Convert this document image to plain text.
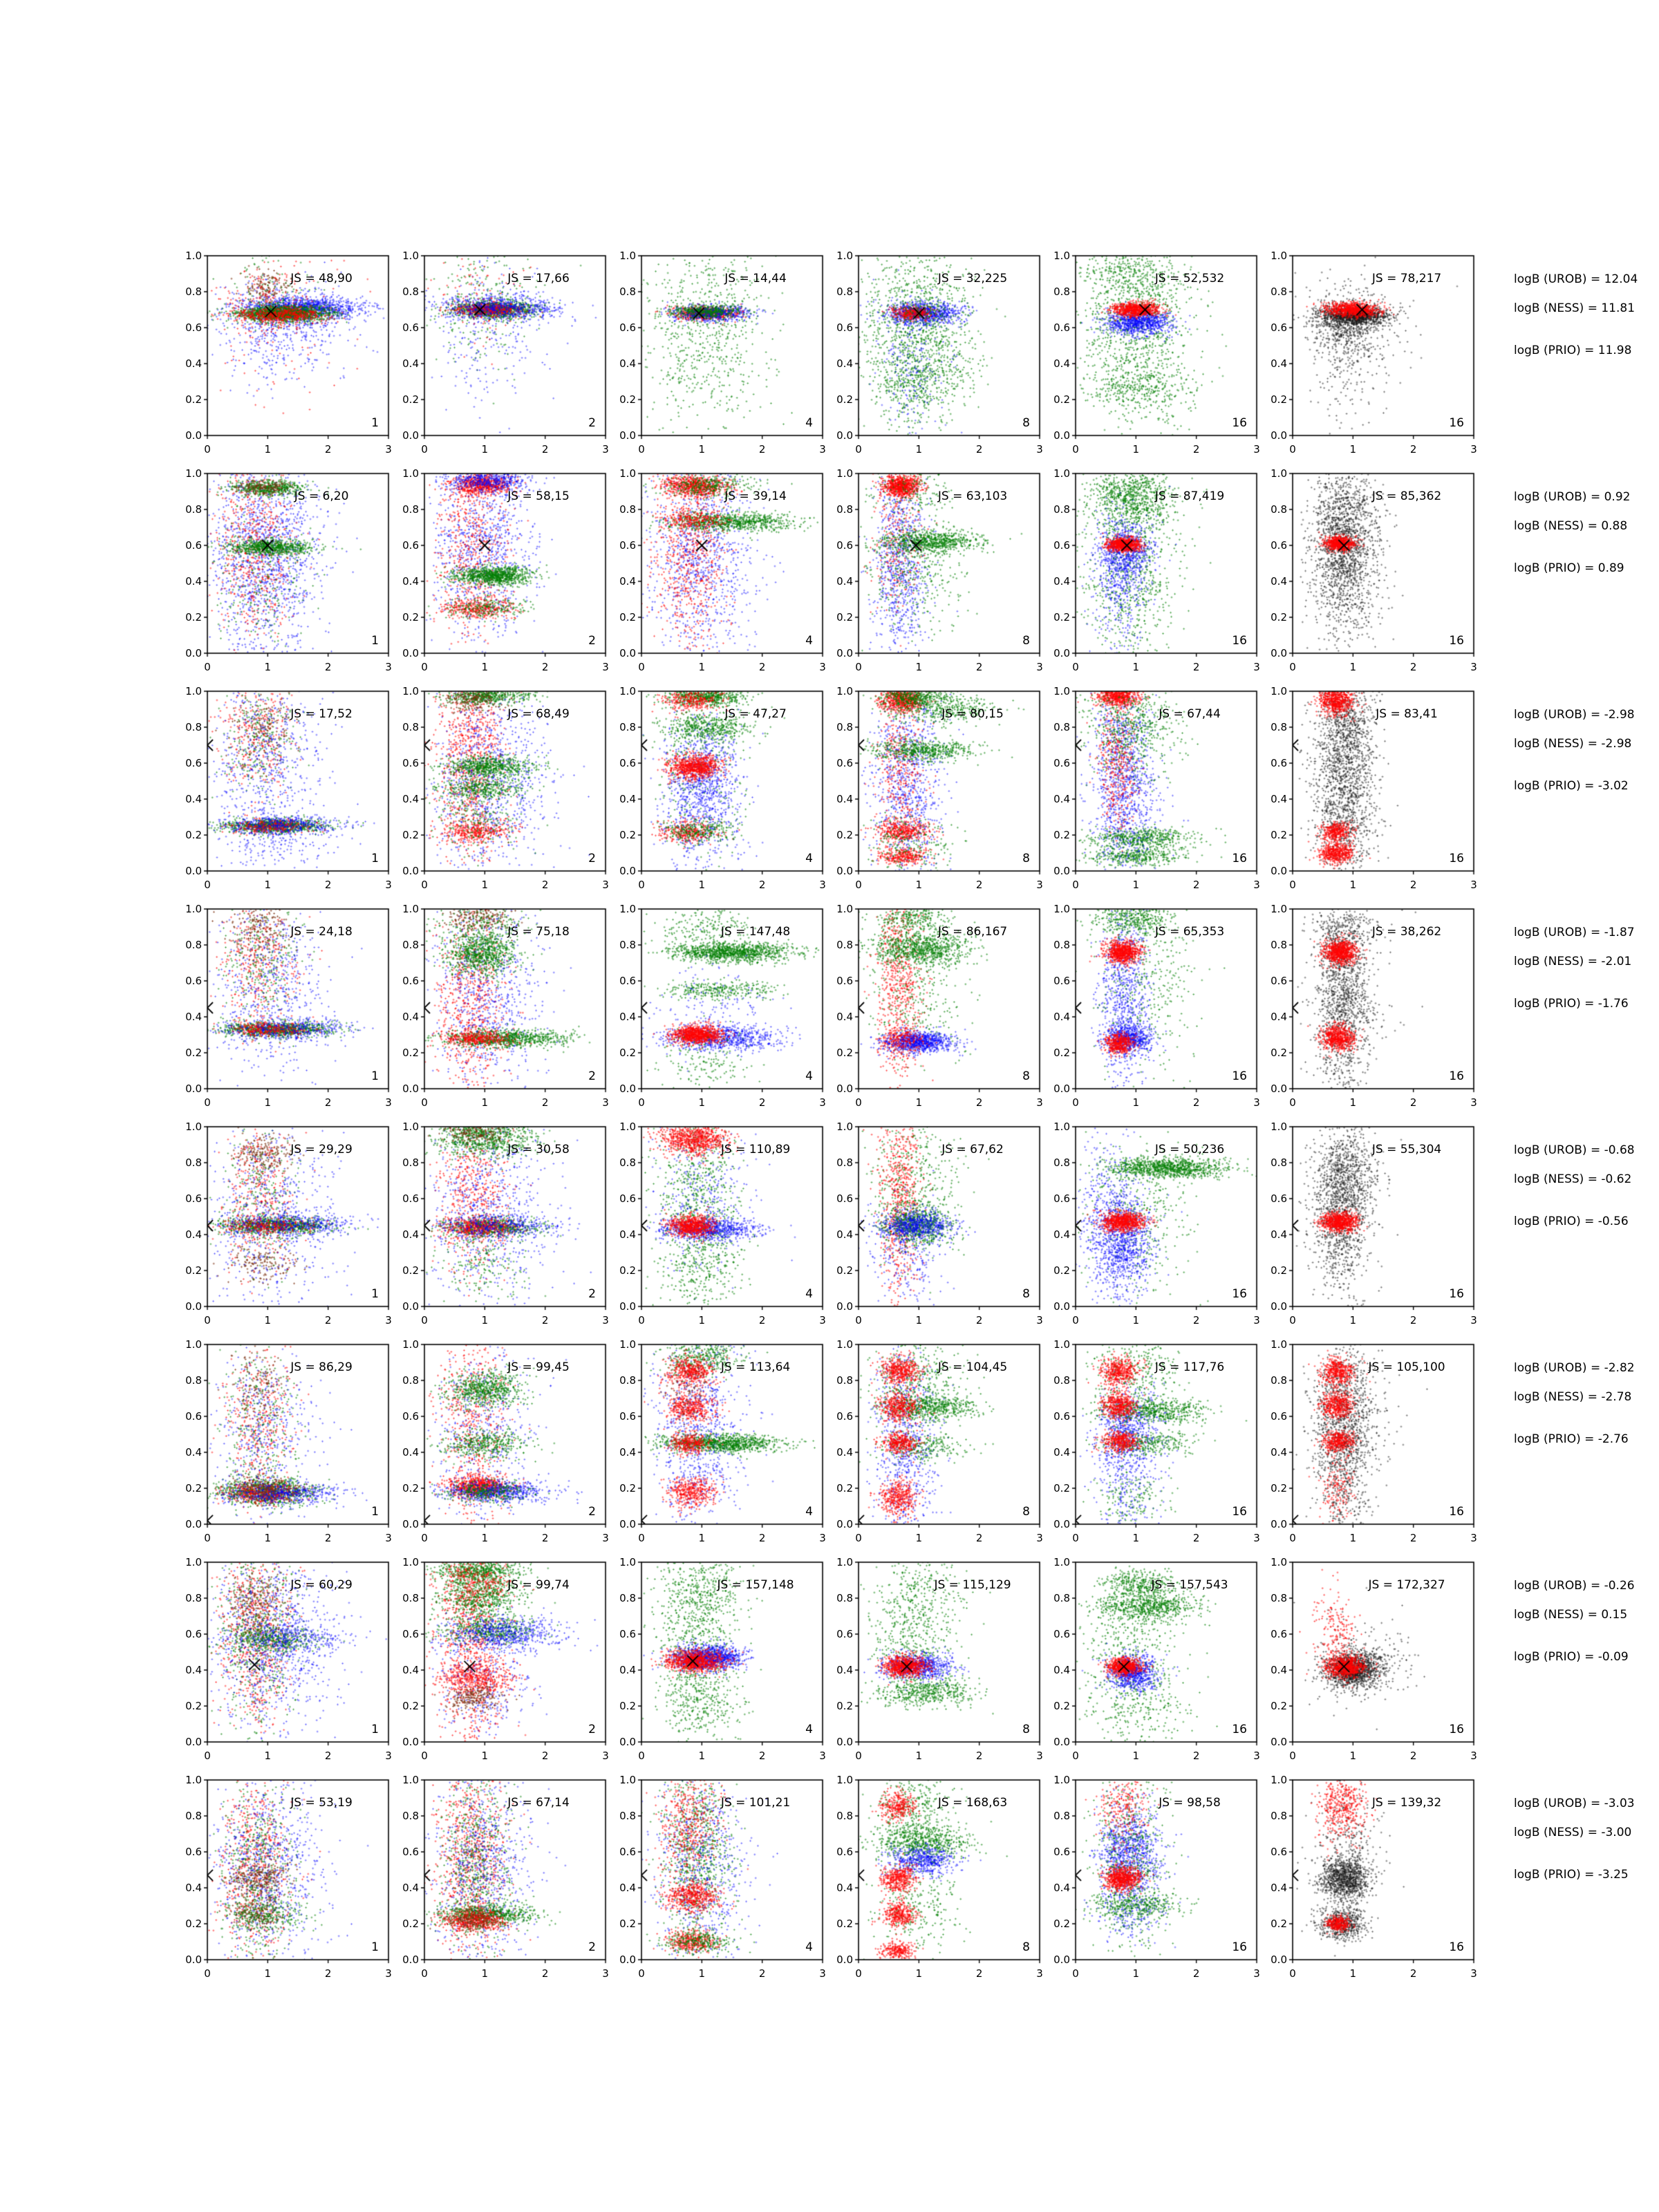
JS = 48,90
1.0
0.8
0.6
0.4
0.2
0.0
0	1	2	3
1
JS = 17,66
1.0
0.8
0.6
0.4
0.2
0.0
0	1	2	3
2
JS = 14,44
1.0
0.8
0.6
0.4
0.2
0.0
0	1	2	3
4
JS = 32,225
1.0
0.8
0.6
0.4
0.2
0.0
0	1	2	3
8
JS = 52,532
1.0
0.8
0.6
0.4
0.2
0.0
0	1	2	3
16
JS = 78,217
1.0
0.8
0.6
0.4
0.2
0.0
0	1	2	3
16
JS = 6,20
1.0
0.8
0.6
0.4
0.2
0.0
0	1	2	3
1
JS = 58,15
1.0
0.8
0.6
0.4
0.2
0.0
0	1	2	3
2
JS = 39,14
1.0
0.8
0.6
0.4
0.2
0.0
0	1	2	3
4
JS = 63,103
1.0
0.8
0.6
0.4
0.2
0.0
0	1	2	3
8
JS = 87,419
1.0
0.8
0.6
0.4
0.2
0.0
0	1	2	3
16
JS = 85,362
1.0
0.8
0.6
0.4
0.2
0.0
0	1	2	3
16
JS = 17,52
1.0
0.8
0.6
0.4
0.2
0.0
0	1	2	3
1
JS = 68,49
1.0
0.8
0.6
0.4
0.2
0.0
0	1	2	3
2
JS = 47,27
1.0
0.8
0.6
0.4
0.2
0.0
0	1	2	3
4
JS = 80,15
1.0
0.8
0.6
0.4
0.2
0.0
0	1	2	3
8
JS = 67,44
1.0
0.8
0.6
0.4
0.2
0.0
0	1	2	3
16
JS = 83,41
1.0
0.8
0.6
0.4
0.2
0.0
0	1	2	3
16
JS = 24,18
1.0
0.8
0.6
0.4
0.2
0.0
0	1	2	3
1
JS = 75,18
1.0
0.8
0.6
0.4
0.2
0.0
0	1	2	3
2
JS = 147,48
1.0
0.8
0.6
0.4
0.2
0.0
0	1	2	3
4
JS = 86,167
1.0
0.8
0.6
0.4
0.2
0.0
0	1	2	3
8
JS = 65,353
1.0
0.8
0.6
0.4
0.2
0.0
0	1	2	3
16
JS = 38,262
1.0
0.8
0.6
0.4
0.2
0.0
0	1	2	3
16
JS = 29,29
1.0
0.8
0.6
0.4
0.2
0.0
0	1	2	3
1
JS = 30,58
1.0
0.8
0.6
0.4
0.2
0.0
0	1	2	3
2
JS = 110,89
1.0
0.8
0.6
0.4
0.2
0.0
0	1	2	3
4
JS = 67,62
1.0
0.8
0.6
0.4
0.2
0.0
0	1	2	3
8
JS = 50,236
1.0
0.8
0.6
0.4
0.2
0.0
0	1	2	3
16
JS = 55,304
1.0
0.8
0.6
0.4
0.2
0.0
0	1	2	3
16
JS = 86,29
1.0
0.8
0.6
0.4
0.2
0.0
0	1	2	3
1
JS = 99,45
1.0
0.8
0.6
0.4
0.2
0.0
0	1	2	3
2
JS = 113,64
1.0
0.8
0.6
0.4
0.2
0.0
0	1	2	3
4
JS = 104,45
1.0
0.8
0.6
0.4
0.2
0.0
0	1	2	3
8
JS = 117,76
1.0
0.8
0.6
0.4
0.2
0.0
0	1	2	3
16
JS = 105,100
1.0
0.8
0.6
0.4
0.2
0.0
0	1	2	3
16
JS = 60,29
1.0
0.8
0.6
0.4
0.2
0.0
0	1	2	3
1
JS = 99,74
1.0
0.8
0.6
0.4
0.2
0.0
0	1	2	3
2
JS = 157,148
1.0
0.8
0.6
0.4
0.2
0.0
0	1	2	3
4
JS = 115,129
1.0
0.8
0.6
0.4
0.2
0.0
0	1	2	3
8
JS = 157,543
1.0
0.8
0.6
0.4
0.2
0.0
0	1	2	3
16
JS = 172,327
1.0
0.8
0.6
0.4
0.2
0.0
0	1	2	3
16
JS = 53,19
1.0
0.8
0.6
0.4
0.2
0.0
0	1	2	3
1
JS = 67,14
1.0
0.8
0.6
0.4
0.2
0.0
0	1	2	3
2
JS = 101,21
1.0
0.8
0.6
0.4
0.2
0.0
0	1	2	3
4
JS = 168,63
1.0
0.8
0.6
0.4
0.2
0.0
0	1	2	3
8
JS = 98,58
1.0
0.8
0.6
0.4
0.2
0.0
0	1	2	3
16
JS = 139,32
1.0
0.8
0.6
0.4
0.2
0.0
0	1	2	3
16
logB (UROB) = 12.04
logB (NESS) = 11.81
logB (PRIO) = 11.98
logB (UROB) = 0.92
logB (NESS) = 0.88
logB (PRIO) = 0.89
logB (UROB) = -2.98
logB (NESS) = -2.98
logB (PRIO) = -3.02
logB (UROB) = -1.87
logB (NESS) = -2.01
logB (PRIO) = -1.76
logB (UROB) = -0.68
logB (NESS) = -0.62
logB (PRIO) = -0.56
logB (UROB) = -2.82
logB (NESS) = -2.78
logB (PRIO) = -2.76
logB (UROB) = -0.26
logB (NESS) = 0.15
logB (PRIO) = -0.09
logB (UROB) = -3.03
logB (NESS) = -3.00
logB (PRIO) = -3.25
